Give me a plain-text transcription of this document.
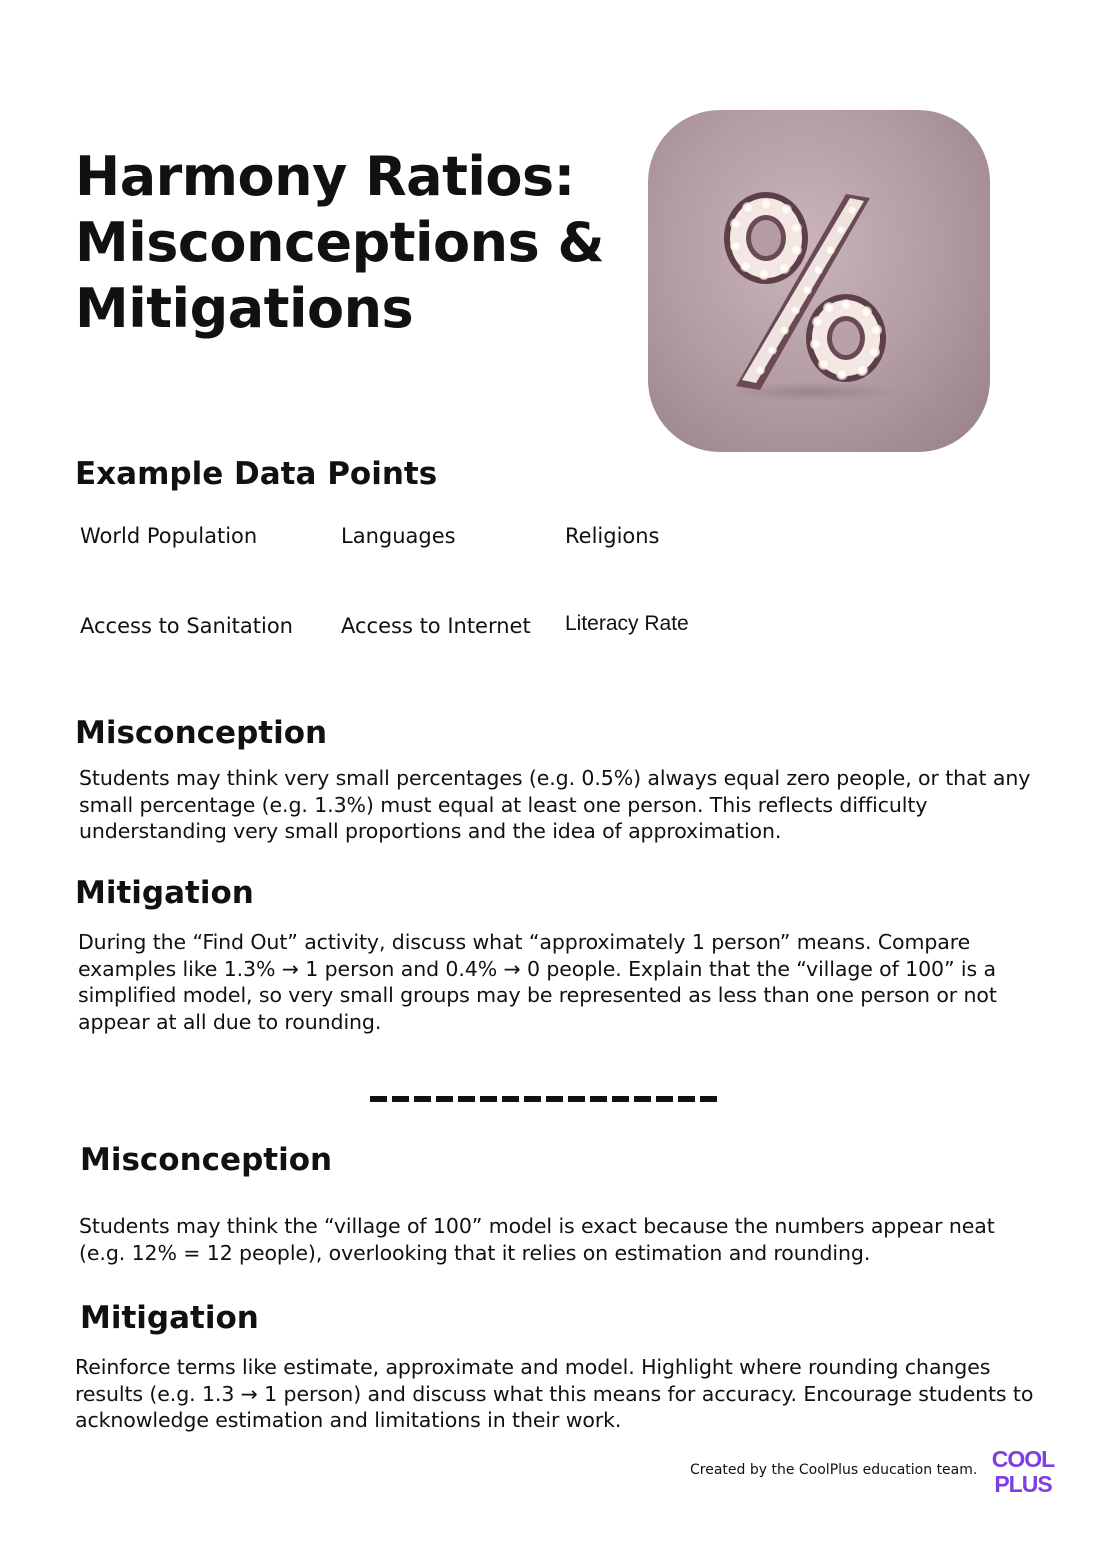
Harmony Ratios: Misconceptions & Mitigations
Example Data Points
World Population	Languages	Religions
Access to Sanitation Access to Internet Literacy Rate
Misconception

Students may think very small percentages (e.g. 0.5%) always equal zero people, or that any small percentage (e.g. 1.3%) must equal at least one person. This reflects difficulty understanding very small proportions and the idea of approximation.

Mitigation

During the “Find Out” activity, discuss what “approximately 1 person” means. Compare examples like 1.3% → 1 person and 0.4% → 0 people. Explain that the “village of 100” is a simplified model, so very small groups may be represented as less than one person or not appear at all due to rounding.

Misconception

Students may think the “village of 100” model is exact because the numbers appear neat (e.g. 12% = 12 people), overlooking that it relies on estimation and rounding.

Mitigation

Reinforce terms like estimate, approximate and model. Highlight where rounding changes results (e.g. 1.3 → 1 person) and discuss what this means for accuracy. Encourage students to acknowledge estimation and limitations in their work.

Created by the CoolPlus education team. COOL
PLUS
